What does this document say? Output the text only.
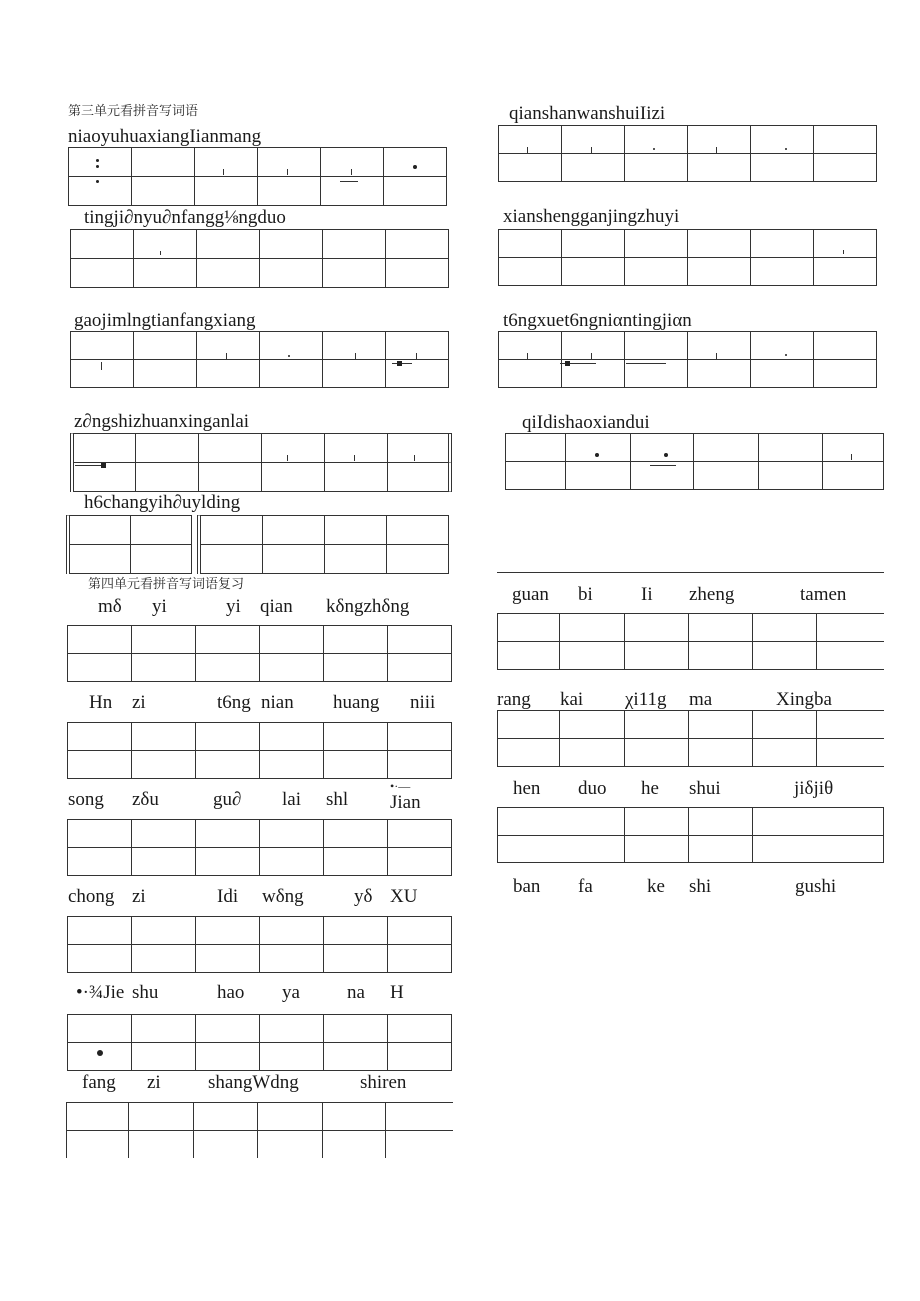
第三单元看拼音写词语
niaoyuhuaxiangIianmang
tingji∂nyu∂nfangg⅛ngduo
gaojimlngtianfangxiang
z∂ngshizhuanxinganlai
h6changyih∂uylding
qianshanwanshuiIizi
xianshengganjingzhuyi
t6ngxuet6ngniαntingjiαn
qiIdishaoxiandui
第四单元看拼音写词语复习
mδ yi	yi qian kδngzhδng
Hn zi	t6ng nian huang niii
song zδu	gu∂ lai shl
•·—
Jian
chong zi	Idi wδng	yδ XU
•·¾Jie shu	hao ya na H
fang zi shangWdng	shiren
guan bi	Ii zheng	tamen
rang kai χi11g ma	Xingba
hen duo he shui	jiδjiθ
ban fa	ke shi	gushi
